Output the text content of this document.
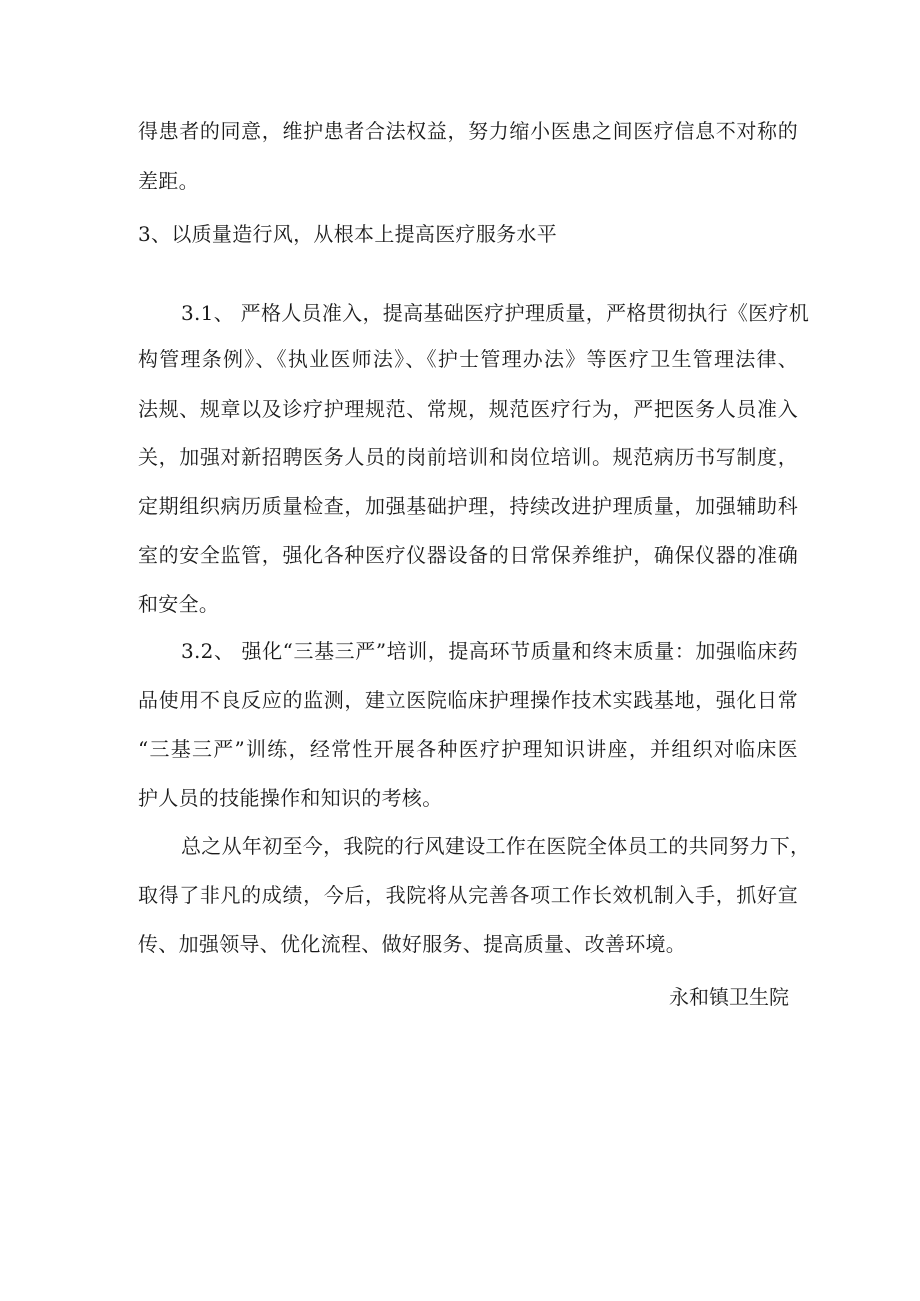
得患者的同意，维护患者合法权益，努力缩小医患之间医疗信息不对称的
差距。
3、以质量造行风，从根本上提高医疗服务水平
3.1、 严格人员准入，提高基础医疗护理质量，严格贯彻执行《医疗机
构管理条例》、《执业医师法》、《护士管理办法》等医疗卫生管理法律、
法规、规章以及诊疗护理规范、常规，规范医疗行为，严把医务人员准入
关，加强对新招聘医务人员的岗前培训和岗位培训。规范病历书写制度，
定期组织病历质量检查，加强基础护理，持续改进护理质量，加强辅助科
室的安全监管，强化各种医疗仪器设备的日常保养维护，确保仪器的准确
和安全。
3.2、 强化“三基三严”培训，提高环节质量和终末质量：加强临床药
品使用不良反应的监测，建立医院临床护理操作技术实践基地，强化日常
“三基三严”训练，经常性开展各种医疗护理知识讲座，并组织对临床医
护人员的技能操作和知识的考核。
总之从年初至今，我院的行风建设工作在医院全体员工的共同努力下，
取得了非凡的成绩，今后，我院将从完善各项工作长效机制入手，抓好宣
传、加强领导、优化流程、做好服务、提高质量、改善环境。
永和镇卫生院
